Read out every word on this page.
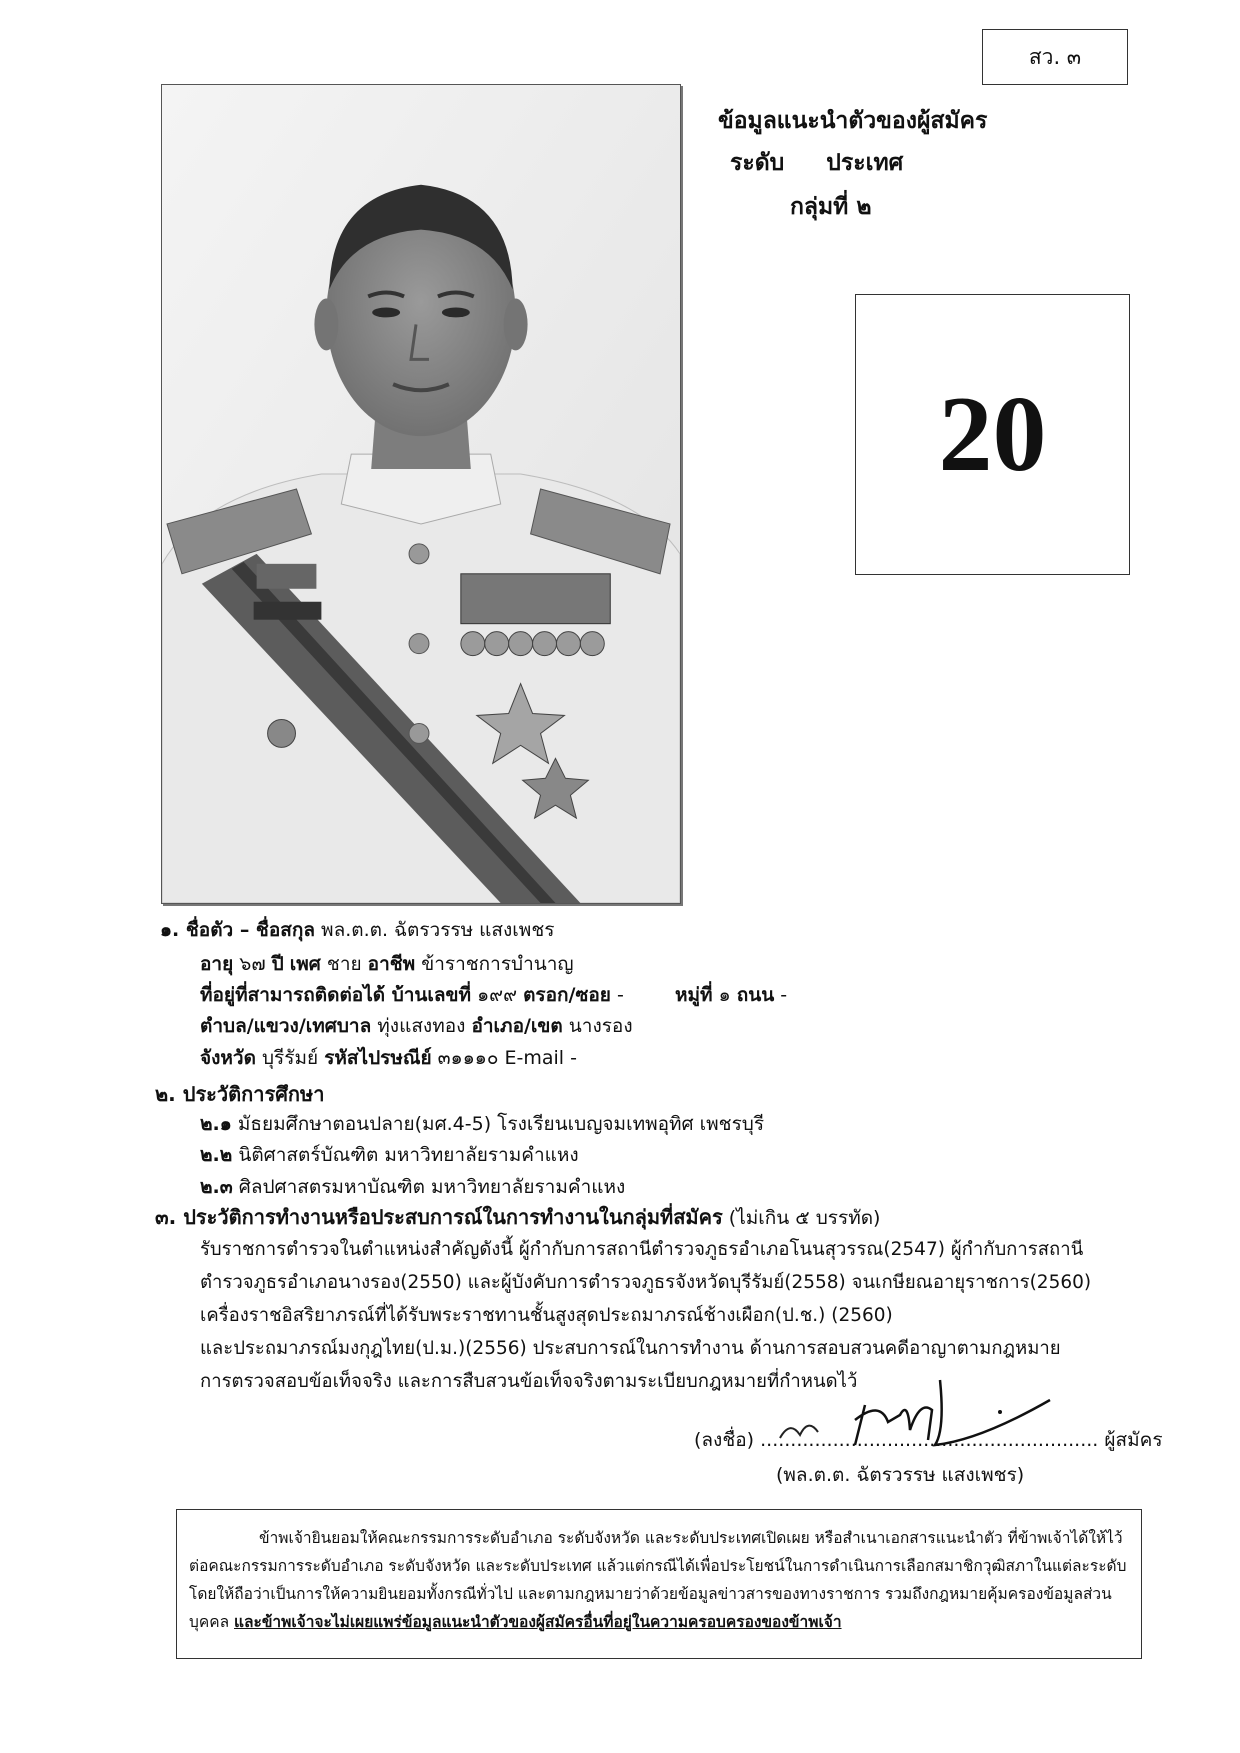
สว. ๓
ข้อมูลแนะนำตัวของผู้สมัคร
ระดับ ประเทศ
กลุ่มที่ ๒
20
๑. ชื่อตัว – ชื่อสกุล พล.ต.ต. ฉัตรวรรษ แสงเพชร
อายุ ๖๗ ปี เพศ ชาย อาชีพ ข้าราชการบำนาญ
ที่อยู่ที่สามารถติดต่อได้ บ้านเลขที่ ๑๙๙ ตรอก/ซอย -	หมู่ที่ ๑ ถนน -
ตำบล/แขวง/เทศบาล ทุ่งแสงทอง อำเภอ/เขต นางรอง
จังหวัด บุรีรัมย์ รหัสไปรษณีย์ ๓๑๑๑๐ E-mail -
๒. ประวัติการศึกษา
๒.๑ มัธยมศึกษาตอนปลาย(มศ.4-5) โรงเรียนเบญจมเทพอุทิศ เพชรบุรี
๒.๒ นิติศาสตร์บัณฑิต มหาวิทยาลัยรามคำแหง
๒.๓ ศิลปศาสตรมหาบัณฑิต มหาวิทยาลัยรามคำแหง
๓. ประวัติการทำงานหรือประสบการณ์ในการทำงานในกลุ่มที่สมัคร (ไม่เกิน ๕ บรรทัด)
รับราชการตำรวจในตำแหน่งสำคัญดังนี้ ผู้กำกับการสถานีตำรวจภูธรอำเภอโนนสุวรรณ(2547) ผู้กำกับการสถานี
ตำรวจภูธรอำเภอนางรอง(2550) และผู้บังคับการตำรวจภูธรจังหวัดบุรีรัมย์(2558) จนเกษียณอายุราชการ(2560)
เครื่องราชอิสริยาภรณ์ที่ได้รับพระราชทานชั้นสูงสุดประถมาภรณ์ช้างเผือก(ป.ช.) (2560)
และประถมาภรณ์มงกุฎไทย(ป.ม.)(2556) ประสบการณ์ในการทำงาน ด้านการสอบสวนคดีอาญาตามกฎหมาย
การตรวจสอบข้อเท็จจริง และการสืบสวนข้อเท็จจริงตามระเบียบกฎหมายที่กำหนดไว้
(ลงชื่อ) ........................................................ ผู้สมัคร
(พล.ต.ต. ฉัตรวรรษ แสงเพชร)
ข้าพเจ้ายินยอมให้คณะกรรมการระดับอำเภอ ระดับจังหวัด และระดับประเทศเปิดเผย หรือสำเนาเอกสารแนะนำตัว ที่ข้าพเจ้าได้ให้ไว้ต่อคณะกรรมการระดับอำเภอ ระดับจังหวัด และระดับประเทศ แล้วแต่กรณีได้เพื่อประโยชน์ในการดำเนินการเลือกสมาชิกวุฒิสภาในแต่ละระดับ โดยให้ถือว่าเป็นการให้ความยินยอมทั้งกรณีทั่วไป และตามกฎหมายว่าด้วยข้อมูลข่าวสารของทางราชการ รวมถึงกฎหมายคุ้มครองข้อมูลส่วนบุคคล และข้าพเจ้าจะไม่เผยแพร่ข้อมูลแนะนำตัวของผู้สมัครอื่นที่อยู่ในความครอบครองของข้าพเจ้า
